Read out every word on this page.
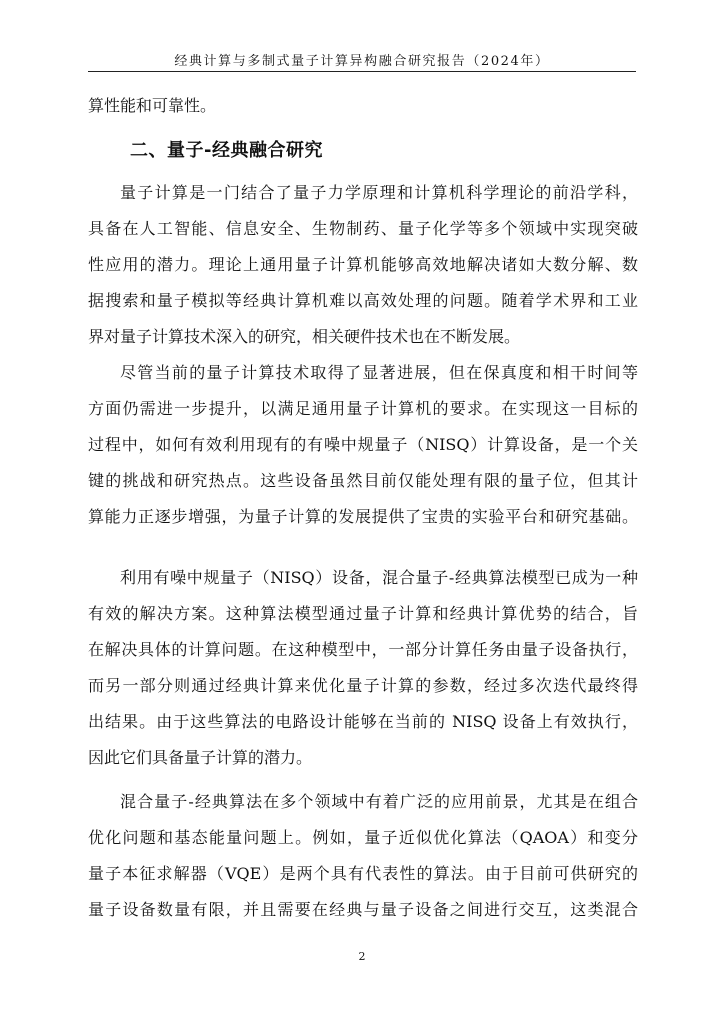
经典计算与多制式量子计算异构融合研究报告（2024年）
算性能和可靠性。
二、量子-经典融合研究
量子计算是一门结合了量子力学原理和计算机科学理论的前沿学科，
具备在人工智能、信息安全、生物制药、量子化学等多个领域中实现突破
性应用的潜力。理论上通用量子计算机能够高效地解决诸如大数分解、数
据搜索和量子模拟等经典计算机难以高效处理的问题。随着学术界和工业
界对量子计算技术深入的研究，相关硬件技术也在不断发展。
尽管当前的量子计算技术取得了显著进展，但在保真度和相干时间等
方面仍需进一步提升，以满足通用量子计算机的要求。在实现这一目标的
过程中，如何有效利用现有的有噪中规量子（NISQ）计算设备，是一个关
键的挑战和研究热点。这些设备虽然目前仅能处理有限的量子位，但其计
算能力正逐步增强，为量子计算的发展提供了宝贵的实验平台和研究基础。
利用有噪中规量子（NISQ）设备，混合量子-经典算法模型已成为一种
有效的解决方案。这种算法模型通过量子计算和经典计算优势的结合，旨
在解决具体的计算问题。在这种模型中，一部分计算任务由量子设备执行，
而另一部分则通过经典计算来优化量子计算的参数，经过多次迭代最终得
出结果。由于这些算法的电路设计能够在当前的 NISQ 设备上有效执行，
因此它们具备量子计算的潜力。
混合量子-经典算法在多个领域中有着广泛的应用前景，尤其是在组合
优化问题和基态能量问题上。例如，量子近似优化算法（QAOA）和变分
量子本征求解器（VQE）是两个具有代表性的算法。由于目前可供研究的
量子设备数量有限，并且需要在经典与量子设备之间进行交互，这类混合
2
